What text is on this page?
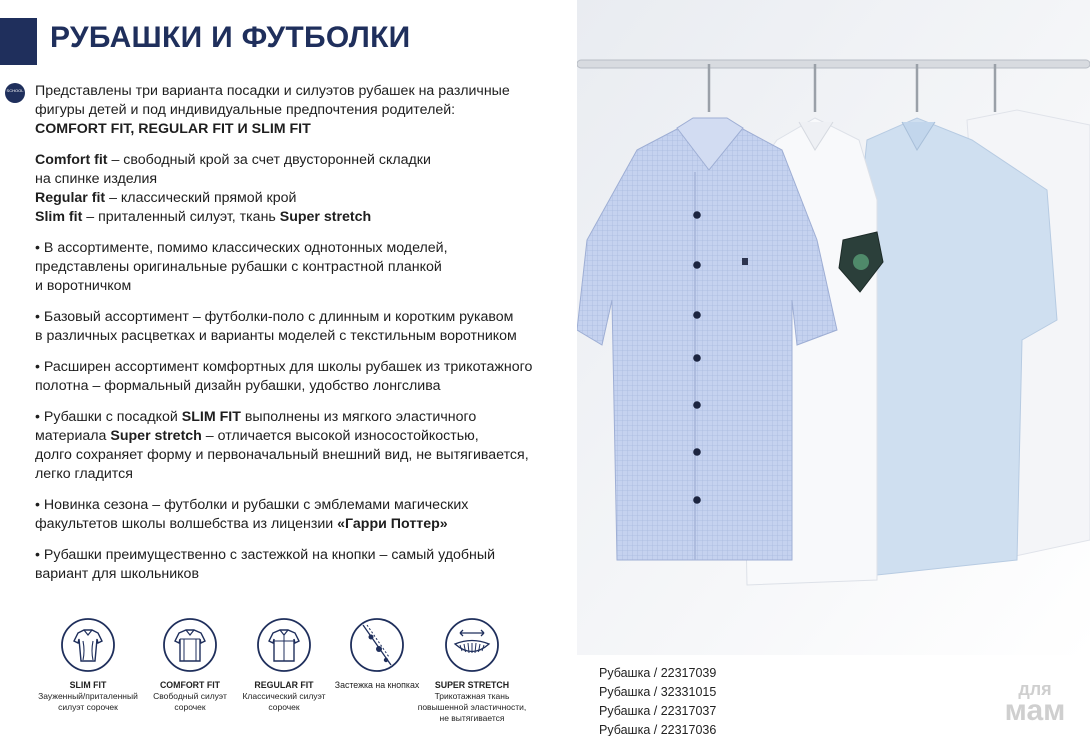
РУБАШКИ И ФУТБОЛКИ
SCHOOL Представлены три варианта посадки и силуэтов рубашек на различные

фигуры детей и под индивидуальные предпочтения родителей:

COMFORT FIT, REGULAR FIT И SLIM FIT

Comfort fit – свободный крой за счет двусторонней складки

на спинке изделия

Regular fit – классический прямой крой

Slim fit – приталенный силуэт, ткань Super stretch

• В ассортименте, помимо классических однотонных моделей,

представлены оригинальные рубашки с контрастной планкой

и воротничком

• Базовый ассортимент – футболки-поло с длинным и коротким рукавом

в различных расцветках и варианты моделей с текстильным воротником

• Расширен ассортимент комфортных для школы рубашек из трикотажного

полотна – формальный дизайн рубашки, удобство лонгслива

• Рубашки с посадкой SLIM FIT выполнены из мягкого эластичного

материала Super stretch – отличается высокой износостойкостью,

долго сохраняет форму и первоначальный внешний вид, не вытягивается,

легко гладится

• Новинка сезона – футболки и рубашки с эмблемами магических

факультетов школы волшебства из лицензии «Гарри Поттер»

• Рубашки преимущественно с застежкой на кнопки – самый удобный

вариант для школьников

SLIM FIT
Зауженный/приталенный
силуэт сорочек
COMFORT FIT
Свободный силуэт
сорочек
REGULAR FIT
Классический силуэт
сорочек
Застежка на кнопках	SUPER STRETCH
Трикотажная ткань
повышенной эластичности,
не вытягивается
Рубашка / 22317039
Рубашка / 32331015
Рубашка / 22317037
Рубашка / 22317036
для
мам
